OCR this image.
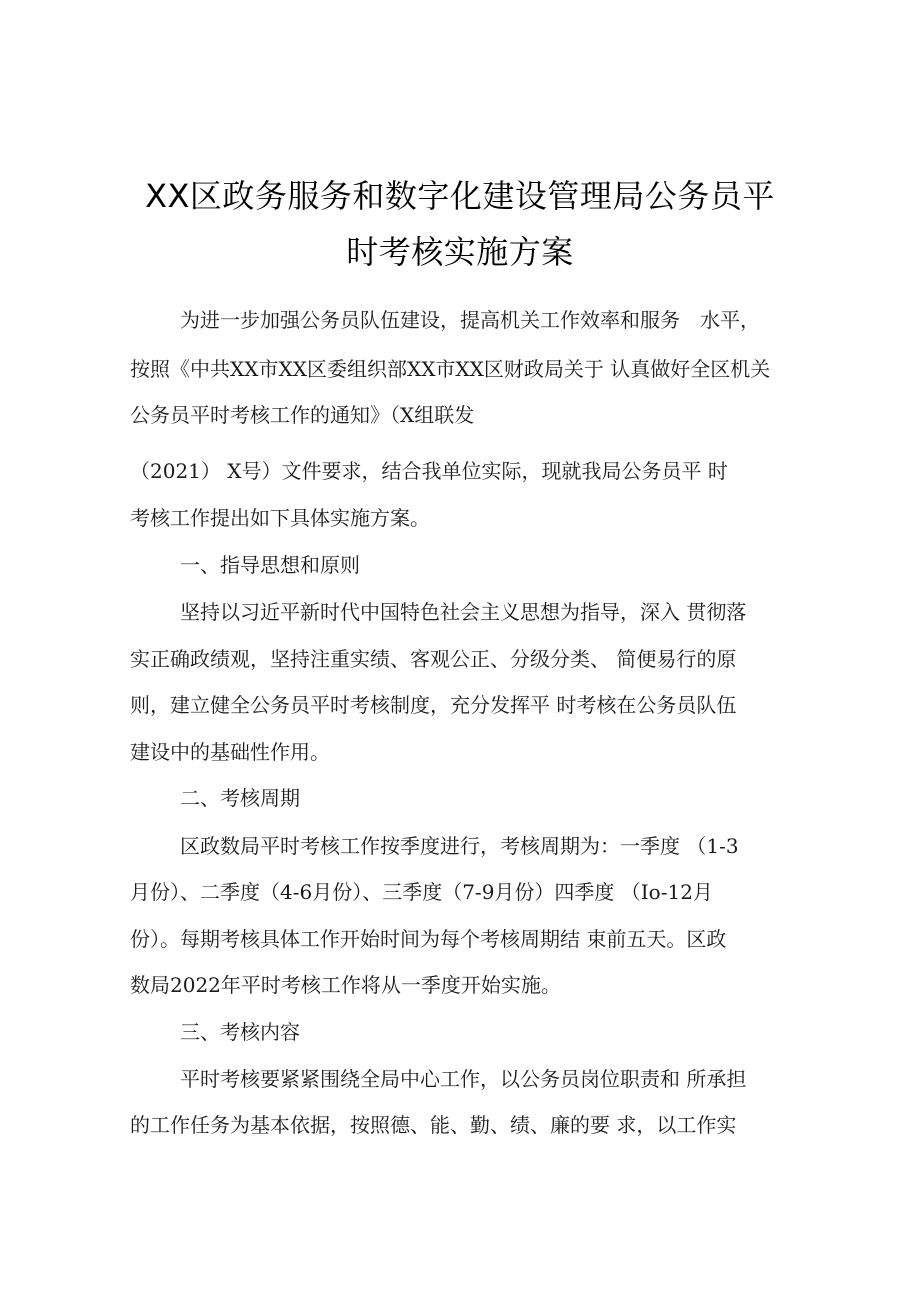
XX区政务服务和数字化建设管理局公务员平
时考核实施方案
为进一步加强公务员队伍建设，提高机关工作效率和服务　水平，
按照《中共XX市XX区委组织部XX市XX区财政局关于 认真做好全区机关
公务员平时考核工作的通知》（X组联发
（2021） X号）文件要求，结合我单位实际，现就我局公务员平 时
考核工作提出如下具体实施方案。
一、指导思想和原则
坚持以习近平新时代中国特色社会主义思想为指导，深入 贯彻落
实正确政绩观，坚持注重实绩、客观公正、分级分类、 简便易行的原
则，建立健全公务员平时考核制度，充分发挥平 时考核在公务员队伍
建设中的基础性作用。
二、考核周期
区政数局平时考核工作按季度进行，考核周期为：一季度 （1-3
月份）、二季度（4-6月份）、三季度（7-9月份）四季度 （Io-12月
份）。每期考核具体工作开始时间为每个考核周期结 束前五天。区政
数局2022年平时考核工作将从一季度开始实施。
三、考核内容
平时考核要紧紧围绕全局中心工作，以公务员岗位职责和 所承担
的工作任务为基本依据，按照德、能、勤、绩、廉的要 求，以工作实
